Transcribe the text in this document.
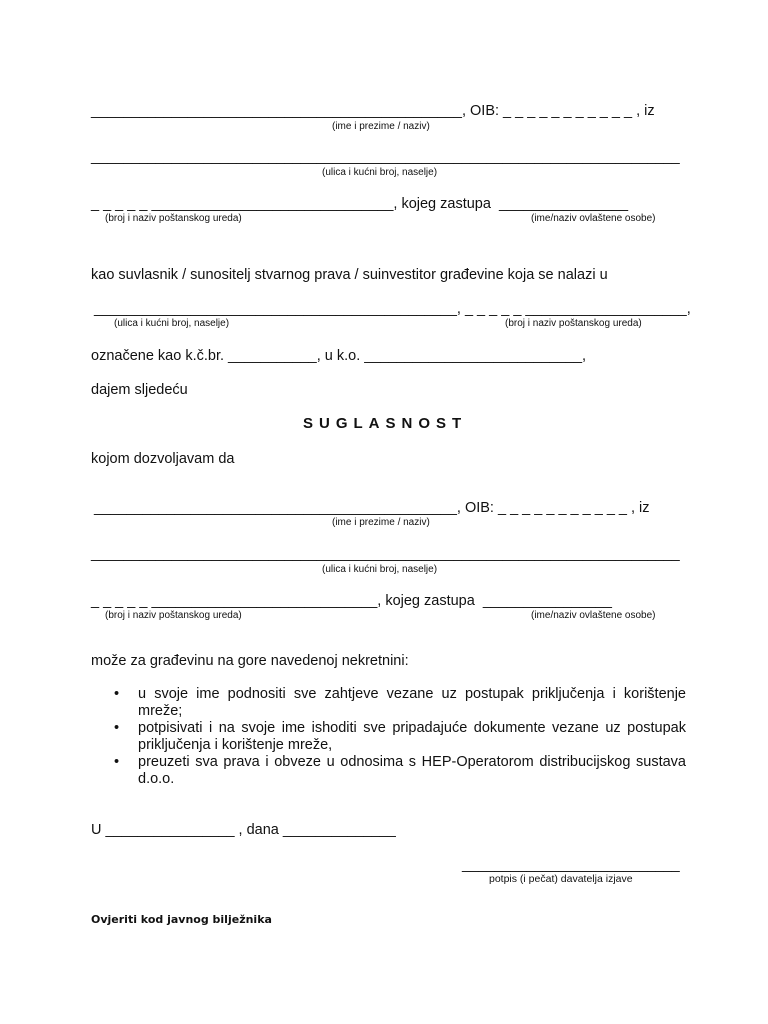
______________________________________________, OIB: _ _ _ _ _ _ _ _ _ _ _ , iz
(ime i prezime / naziv)
_________________________________________________________________________
(ulica i kućni broj, naselje)
_ _ _ _ _ ______________________________, kojeg zastupa  ________________
(broj i naziv poštanskog ureda)	(ime/naziv ovlaštene osobe)
kao suvlasnik / sunositelj stvarnog prava / suinvestitor građevine koja se nalazi u
_____________________________________________, _ _ _ _ _ ____________________,
(ulica i kućni broj, naselje)	(broj i naziv poštanskog ureda)
označene kao k.č.br. ___________, u k.o. ___________________________,
dajem sljedeću
SUGLASNOST
kojom dozvoljavam da
_____________________________________________, OIB: _ _ _ _ _ _ _ _ _ _ _ , iz
(ime i prezime / naziv)
_________________________________________________________________________
(ulica i kućni broj, naselje)
_ _ _ _ _ ____________________________, kojeg zastupa  ________________
(broj i naziv poštanskog ureda)	(ime/naziv ovlaštene osobe)
može za građevinu na gore navedenoj nekretnini:
• u svoje ime podnositi sve zahtjeve vezane uz postupak priključenja i korištenje mreže;
• potpisivati i na svoje ime ishoditi sve pripadajuće dokumente vezane uz postupak priključenja i korištenje mreže,
• preuzeti sva prava i obveze u odnosima s HEP-Operatorom distribucijskog sustava d.o.o.
U ________________ , dana ______________
___________________________
potpis (i pečat) davatelja izjave
Ovjeriti kod javnog bilježnika
